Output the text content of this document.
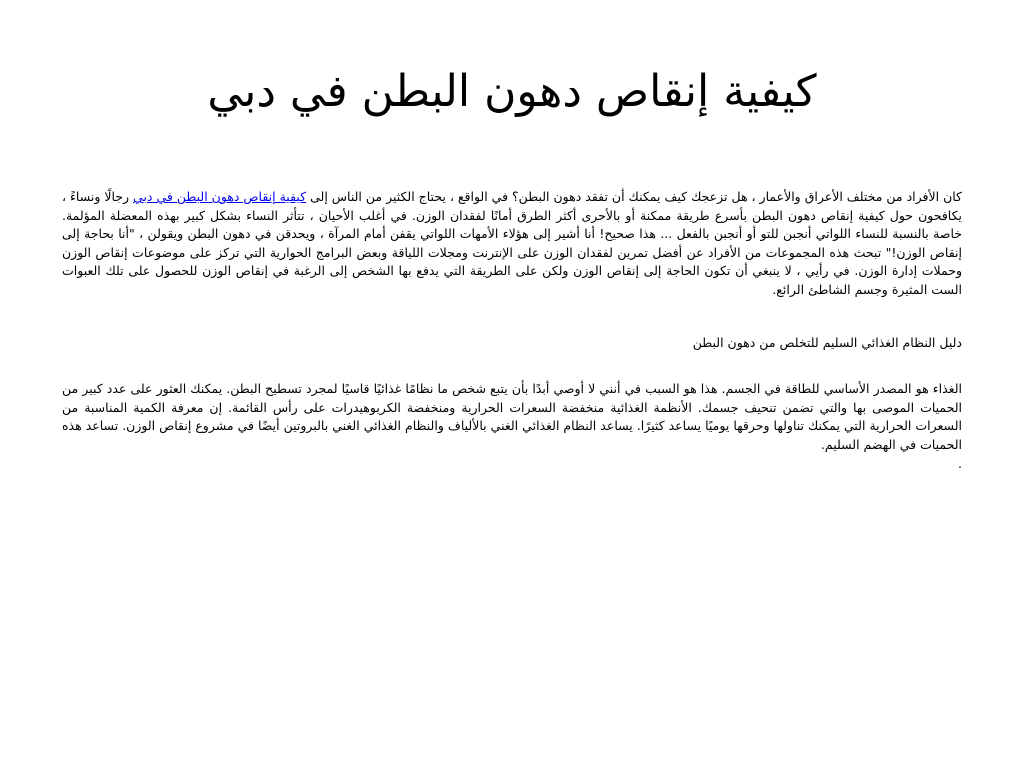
كيفية إنقاص دهون البطن في دبي

كان الأفراد من مختلف الأعراق والأعمار ، هل تزعجك كيف يمكنك أن تفقد دهون البطن؟ في الواقع ، يحتاج الكثير من الناس إلى كيفية إنقاص دهون البطن في دبي رجالًا ونساءً ، يكافحون حول كيفية إنقاص دهون البطن بأسرع طريقة ممكنة أو بالأحرى أكثر الطرق أمانًا لفقدان الوزن. في أغلب الأحيان ، تتأثر النساء بشكل كبير بهذه المعضلة المؤلمة. خاصة بالنسبة للنساء اللواتي أنجبن للتو أو أنجبن بالفعل ... هذا صحيح! أنا أشير إلى هؤلاء الأمهات اللواتي يقفن أمام المرآة ، ويحدقن في دهون البطن ويقولن ، "أنا بحاجة إلى إنقاص الوزن!" تبحث هذه المجموعات من الأفراد عن أفضل تمرين لفقدان الوزن على الإنترنت ومجلات اللياقة وبعض البرامج الحوارية التي تركز على موضوعات إنقاص الوزن وحملات إدارة الوزن. في رأيي ، لا ينبغي أن تكون الحاجة إلى إنقاص الوزن ولكن على الطريقة التي يدفع بها الشخص إلى الرغبة في إنقاص الوزن للحصول على تلك العبوات الست المثيرة وجسم الشاطئ الرائع.

دليل النظام الغذائي السليم للتخلص من دهون البطن

الغذاء هو المصدر الأساسي للطاقة في الجسم. هذا هو السبب في أنني لا أوصي أبدًا بأن يتبع شخص ما نظامًا غذائيًا قاسيًا لمجرد تسطيح البطن. يمكنك العثور على عدد كبير من الحميات الموصى بها والتي تضمن تنحيف جسمك. الأنظمة الغذائية منخفضة السعرات الحرارية ومنخفضة الكربوهيدرات على رأس القائمة. إن معرفة الكمية المناسبة من السعرات الحرارية التي يمكنك تناولها وحرقها يوميًا يساعد كثيرًا. يساعد النظام الغذائي الغني بالألياف والنظام الغذائي الغني بالبروتين أيضًا في مشروع إنقاص الوزن. تساعد هذه الحميات في الهضم السليم.

.
